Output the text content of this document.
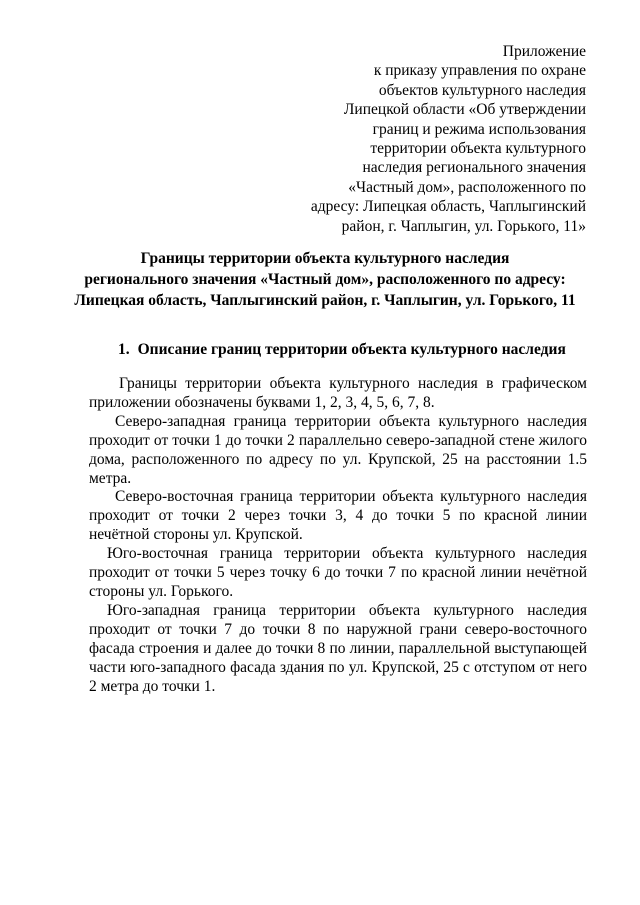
Приложение
к приказу управления по охране
объектов культурного наследия
Липецкой области «Об утверждении
границ и режима использования
территории объекта культурного
наследия регионального значения
«Частный дом», расположенного по
адресу: Липецкая область, Чаплыгинский
район, г. Чаплыгин, ул. Горького, 11»
Границы территории объекта культурного наследия
регионального значения «Частный дом», расположенного по адресу:
Липецкая область, Чаплыгинский район, г. Чаплыгин, ул. Горького, 11
1. Описание границ территории объекта культурного наследия

Границы территории объекта культурного наследия в графическом приложении обозначены буквами 1, 2, 3, 4, 5, 6, 7, 8.

Северо-западная граница территории объекта культурного наследия проходит от точки 1 до точки 2 параллельно северо-западной стене жилого дома, расположенного по адресу по ул. Крупской, 25 на расстоянии 1.5 метра.

Северо-восточная граница территории объекта культурного наследия проходит от точки 2 через точки 3, 4 до точки 5 по красной линии нечётной стороны ул. Крупской.

Юго-восточная граница территории объекта культурного наследия проходит от точки 5 через точку 6 до точки 7 по красной линии нечётной стороны ул. Горького.

Юго-западная граница территории объекта культурного наследия проходит от точки 7 до точки 8 по наружной грани северо-восточного фасада строения и далее до точки 8 по линии, параллельной выступающей части юго-западного фасада здания по ул. Крупской, 25 с отступом от него 2 метра до точки 1.
